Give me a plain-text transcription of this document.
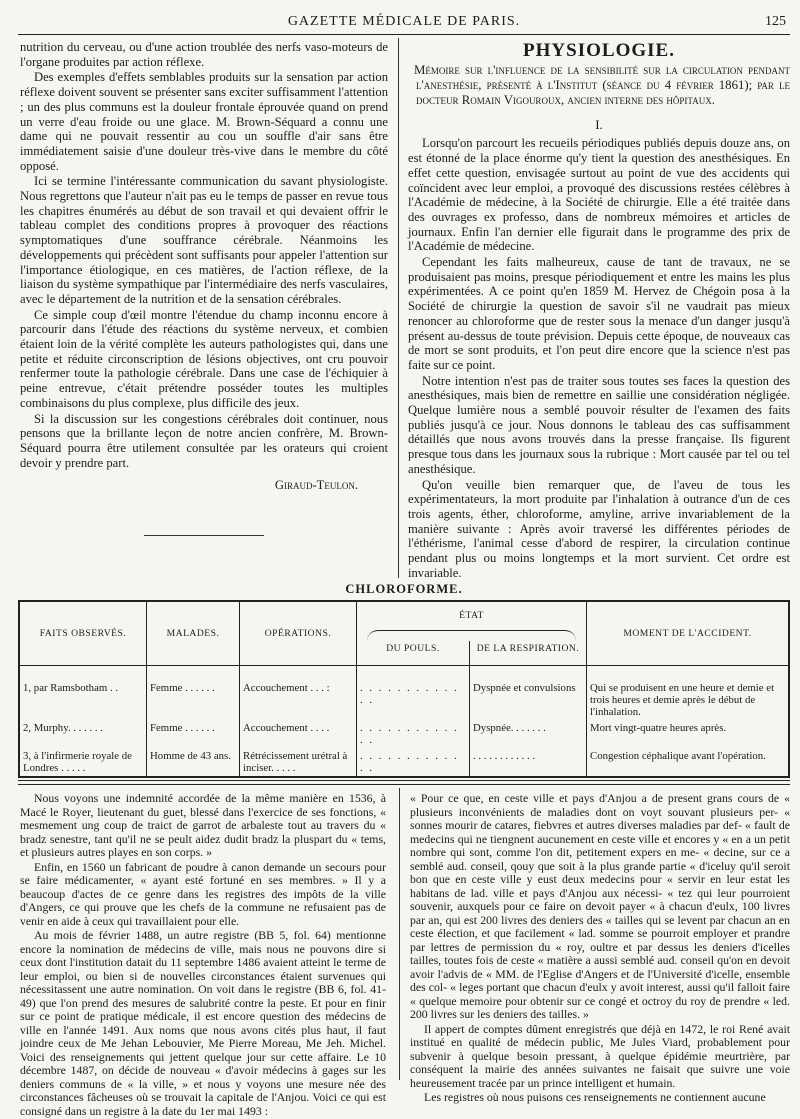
GAZETTE MÉDICALE DE PARIS.	125

nutrition du cerveau, ou d'une action troublée des nerfs vaso-moteurs de l'organe produites par action réflexe.

Des exemples d'effets semblables produits sur la sensation par action réflexe doivent souvent se présenter sans exciter suffisamment l'attention ; un des plus communs est la douleur frontale éprouvée quand on prend un verre d'eau froide ou une glace. M. Brown-Séquard a connu une dame qui ne pouvait ressentir au cou un souffle d'air sans être immédiatement saisie d'une douleur très-vive dans le membre du côté opposé.

Ici se termine l'intéressante communication du savant physiologiste. Nous regrettons que l'auteur n'ait pas eu le temps de passer en revue tous les chapitres énumérés au début de son travail et qui devaient offrir le tableau complet des conditions propres à provoquer des réactions symptomatiques d'une souffrance cérébrale. Néanmoins les développements qui précèdent sont suffisants pour appeler l'attention sur l'importance étiologique, en ces matières, de l'action réflexe, de la liaison du système sympathique par l'intermédiaire des nerfs vasculaires, avec le département de la nutrition et de la sensation cérébrales.

Ce simple coup d'œil montre l'étendue du champ inconnu encore à parcourir dans l'étude des réactions du système nerveux, et combien étaient loin de la vérité complète les auteurs pathologistes qui, dans une petite et réduite circonscription de lésions objectives, ont cru pouvoir renfermer toute la pathologie cérébrale. Dans une case de l'échiquier à peine entrevue, c'était prétendre posséder toutes les multiples combinaisons du plus complexe, plus difficile des jeux.

Si la discussion sur les congestions cérébrales doit continuer, nous pensons que la brillante leçon de notre ancien confrère, M. Brown-Séquard pourra être utilement consultée par les orateurs qui croient devoir y prendre part.

Giraud-Teulon.
PHYSIOLOGIE.
Mémoire sur l'influence de la sensibilité sur la circulation pendant l'anesthésie, présenté à l'Institut (séance du 4 février 1861); par le docteur Romain Vigouroux, ancien interne des hôpitaux.
I.

Lorsqu'on parcourt les recueils périodiques publiés depuis douze ans, on est étonné de la place énorme qu'y tient la question des anesthésiques. En effet cette question, envisagée surtout au point de vue des accidents qui coïncident avec leur emploi, a provoqué des discussions restées célèbres à l'Académie de médecine, à la Société de chirurgie. Elle a été traitée dans des ouvrages ex professo, dans de nombreux mémoires et articles de journaux. Enfin l'an dernier elle figurait dans le programme des prix de l'Académie de médecine.

Cependant les faits malheureux, cause de tant de travaux, ne se produisaient pas moins, presque périodiquement et entre les mains les plus expérimentées. A ce point qu'en 1859 M. Hervez de Chégoin posa à la Société de chirurgie la question de savoir s'il ne vaudrait pas mieux renoncer au chloroforme que de rester sous la menace d'un danger jusqu'à présent au-dessus de toute prévision. Depuis cette époque, de nouveaux cas de mort se sont produits, et l'on peut dire encore que la science n'est pas faite sur ce point.

Notre intention n'est pas de traiter sous toutes ses faces la question des anesthésiques, mais bien de remettre en saillie une considération négligée. Quelque lumière nous a semblé pouvoir résulter de l'examen des faits publiés jusqu'à ce jour. Nous donnons le tableau des cas suffisamment détaillés que nous avons trouvés dans la presse française. Ils figurent presque tous dans les journaux sous la rubrique : Mort causée par tel ou tel anesthésique.

Qu'on veuille bien remarquer que, de l'aveu de tous les expérimentateurs, la mort produite par l'inhalation à outrance d'un de ces trois agents, éther, chloroforme, amyline, arrive invariablement de la manière suivante : Après avoir traversé les différentes périodes de l'éthérisme, l'animal cesse d'abord de respirer, la circulation continue pendant plus ou moins longtemps et la mort survient. Cet ordre est invariable.

CHLOROFORME.
FAITS OBSERVÉS.	MALADES.	OPÉRATIONS.	ÉTAT		MOMENT DE L'ACCIDENT.
			DU POULS.	DE LA RESPIRATION.	

1, par Ramsbotham . .	Femme . . . . . .	Accouchement . . . :	. . . . . . . . . . . . .	Dyspnée et convulsions	Qui se produisent en une heure et demie et trois heures et demie après le début de l'inhalation.
2, Murphy. . . . . . .	Femme . . . . . .	Accouchement . . . .	. . . . . . . . . . . . .	Dyspnée. . . . . . .	Mort vingt-quatre heures après.
3, à l'infirmerie royale de Londres . . . . .	Homme de 43 ans.	Rétrécissement urétral à inciser. . . . .	. . . . . . . . . . . . .	. . . . . . . . . . . .	Congestion céphalique avant l'opération.

Nous voyons une indemnité accordée de la même manière en 1536, à Macé le Royer, lieutenant du guet, blessé dans l'exercice de ses fonctions, « mesmement ung coup de traict de garrot de arbaleste tout au travers du « bradz senestre, tant qu'il ne se peult aidez dudit bradz la pluspart du « tems, et plusieurs autres playes en son corps. »

Enfin, en 1560 un fabricant de poudre à canon demande un secours pour se faire médicamenter, « ayant esté fortuné en ses membres. » Il y a beaucoup d'actes de ce genre dans les registres des impôts de la ville d'Angers, ce qui prouve que les chefs de la commune ne refusaient pas de venir en aide à ceux qui travaillaient pour elle.

Au mois de février 1488, un autre registre (BB 5, fol. 64) mentionne encore la nomination de médecins de ville, mais nous ne pouvons dire si ceux dont l'institution datait du 11 septembre 1486 avaient atteint le terme de leur emploi, ou bien si de nouvelles circonstances étaient survenues qui nécessitassent une autre nomination. On voit dans le registre (BB 6, fol. 41-49) que l'on prend des mesures de salubrité contre la peste. Et pour en finir sur ce point de pratique médicale, il est encore question des médecins de ville en l'année 1491. Aux noms que nous avons cités plus haut, il faut joindre ceux de Me Jehan Lebouvier, Me Pierre Moreau, Me Jeh. Michel. Voici des renseignements qui jettent quelque jour sur cette affaire. Le 10 décembre 1487, on décide de nouveau « d'avoir médecins à gages sur les deniers communs de « la ville, » et nous y voyons une mesure née des circonstances fâcheuses où se trouvait la capitale de l'Anjou. Voici ce qui est consigné dans un registre à la date du 1er mai 1493 :

« Pour ce que, en ceste ville et pays d'Anjou a de present grans cours de « plusieurs inconvénients de maladies dont on voyt souvant plusieurs per- « sonnes mourir de catares, fiebvres et autres diverses maladies par def- « fault de medecins qui ne tiengnent aucunement en ceste ville et encores y « en a un petit nombre qui sont, comme l'on dit, petitement expers en me- « decine, sur ce a semblé aud. conseil, qouy que soit à la plus grande partie « d'iceluy qu'il seroit bon que en ceste ville y eust deux medecins pour « servir en leur estat les habitans de lad. ville et pays d'Anjou aux nécessi- « tez qui leur pourroient souvenir, auxquels pour ce faire on devoit payer « à chacun d'eulx, 100 livres par an, qui est 200 livres des deniers des « tailles qui se levent par chacun an en ceste élection, et que facilement « lad. somme se pourroit employer et prandre par lettres de permission du « roy, oultre et par dessus les deniers d'icelles tailles, toutes fois de ceste « matière a aussi semblé aud. conseil qu'on en devoit avoir l'advis de « MM. de l'Eglise d'Angers et de l'Université d'icelle, ensemble des col- « leges portant que chacun d'eulx y avoit interest, aussi qu'il falloit faire « quelque memoire pour obtenir sur ce congé et octroy du roy de prendre « led. 200 livres sur les deniers des tailles. »

Il appert de comptes dûment enregistrés que déjà en 1472, le roi René avait institué en qualité de médecin public, Me Jules Viard, probablement pour subvenir à quelque besoin pressant, à quelque épidémie meurtrière, par conséquent la mairie des années suivantes ne faisait que suivre une voie heureusement tracée par un prince intelligent et humain.

Les registres où nous puisons ces renseignements ne contiennent aucune
